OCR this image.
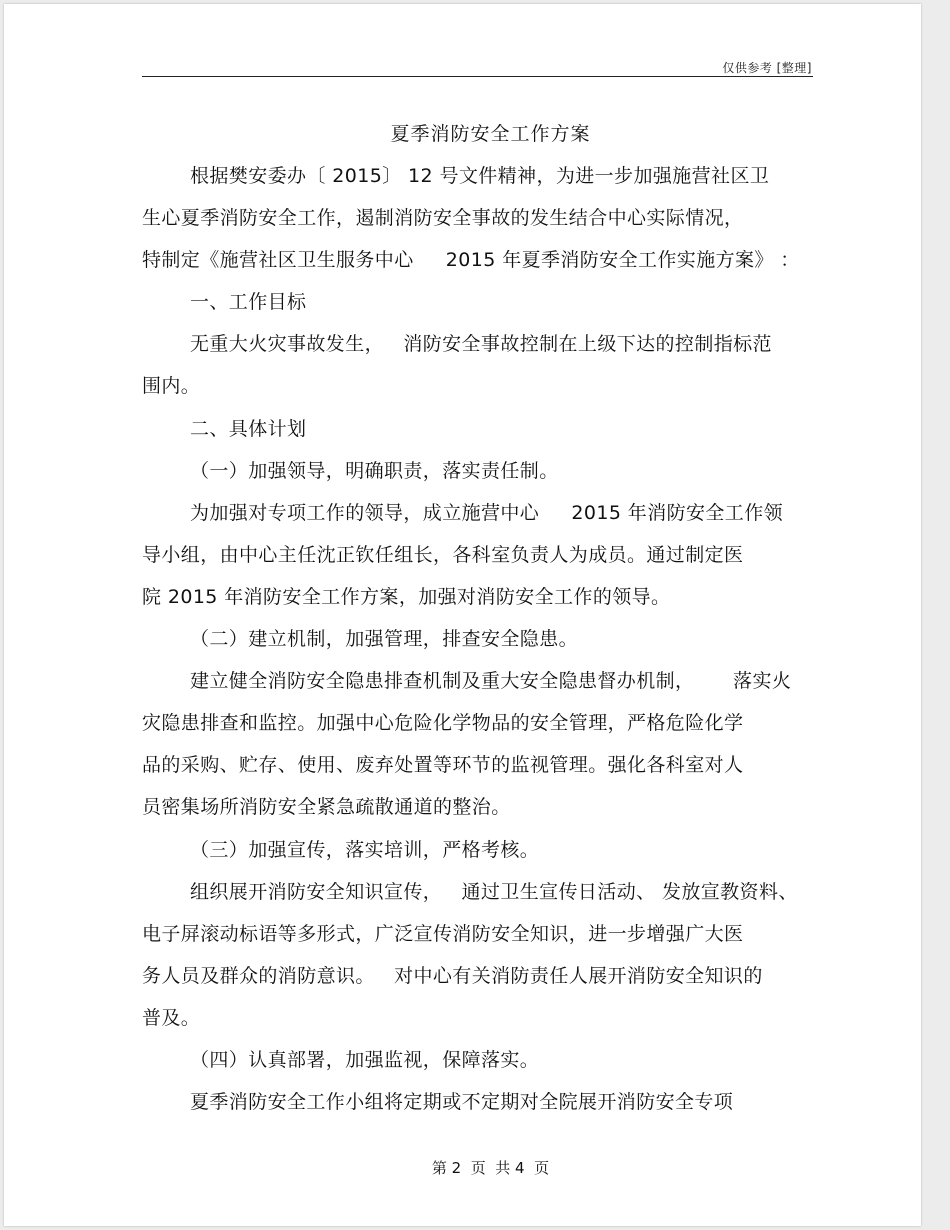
仅供参考 [整理]
夏季消防安全工作方案
根据樊安委办〔 2015〕 12 号文件精神，为进一步加强施营社区卫
生心夏季消防安全工作，遏制消防安全事故的发生结合中心实际情况，
特制定《施营社区卫生服务中心     2015 年夏季消防安全工作实施方案》 ：
一、工作目标
无重大火灾事故发生，   消防安全事故控制在上级下达的控制指标范
围内。
二、具体计划
（一）加强领导，明确职责，落实责任制。
为加强对专项工作的领导，成立施营中心     2015 年消防安全工作领
导小组，由中心主任沈正钦任组长，各科室负责人为成员。通过制定医
院 2015 年消防安全工作方案，加强对消防安全工作的领导。
（二）建立机制，加强管理，排查安全隐患。
建立健全消防安全隐患排查机制及重大安全隐患督办机制，      落实火
灾隐患排查和监控。加强中心危险化学物品的安全管理，严格危险化学
品的采购、贮存、使用、废弃处置等环节的监视管理。强化各科室对人
员密集场所消防安全紧急疏散通道的整治。
（三）加强宣传，落实培训，严格考核。
组织展开消防安全知识宣传，   通过卫生宣传日活动、 发放宣教资料、
电子屏滚动标语等多形式，广泛宣传消防安全知识，进一步增强广大医
务人员及群众的消防意识。   对中心有关消防责任人展开消防安全知识的
普及。
（四）认真部署，加强监视，保障落实。
夏季消防安全工作小组将定期或不定期对全院展开消防安全专项
第 2  页  共 4  页
